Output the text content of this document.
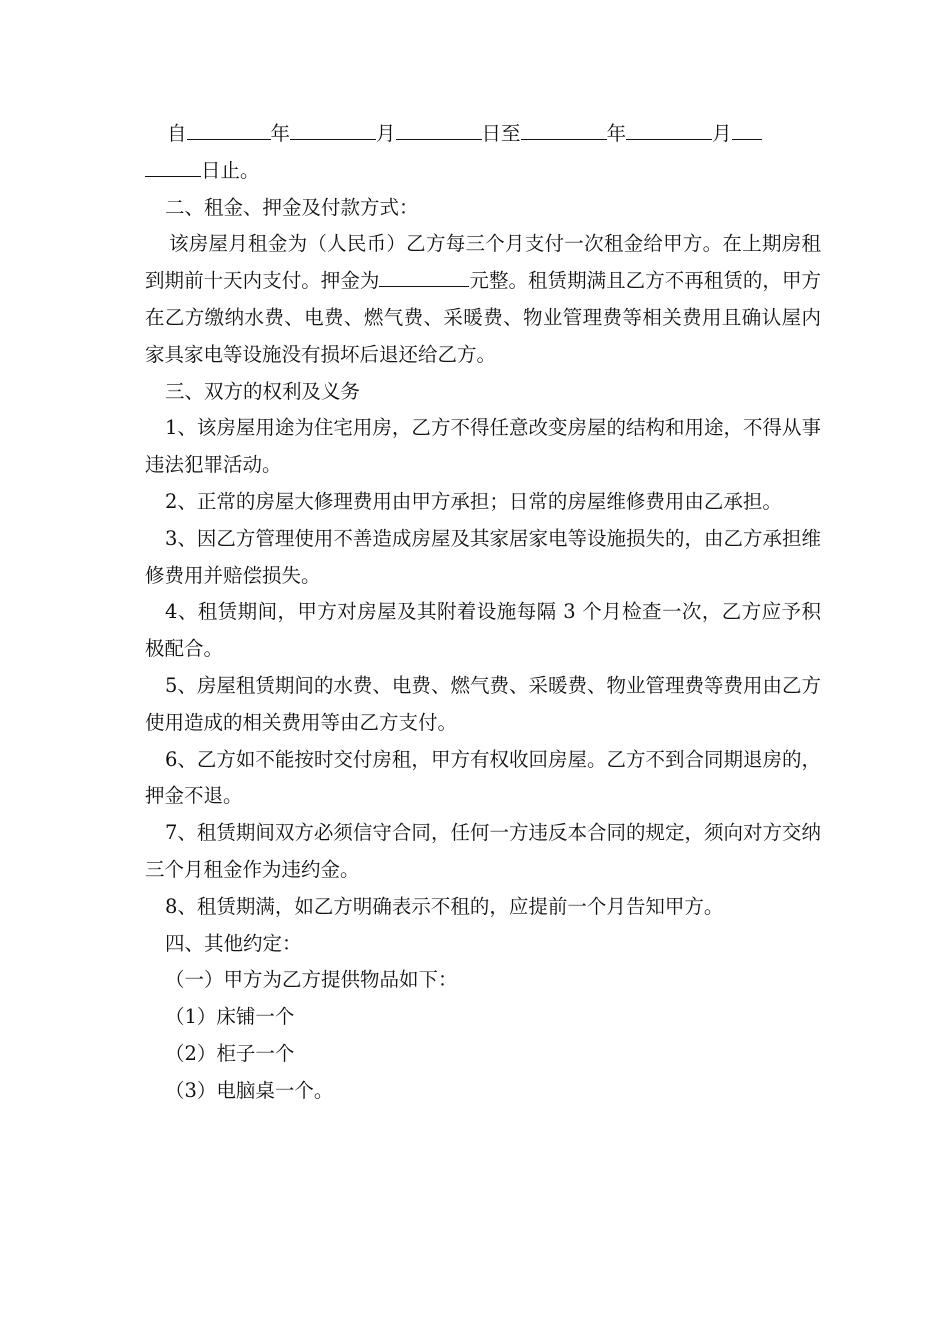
自	年	月	日至	年	月
日止。

二、租金、押金及付款方式：

该房屋月租金为（人民币）乙方每三个月支付一次租金给甲方。在上期房租到期前十天内支付。押金为	元整。租赁期满且乙方不再租赁的，甲方在乙方缴纳水费、电费、燃气费、采暖费、物业管理费等相关费用且确认屋内家具家电等设施没有损坏后退还给乙方。

三、双方的权利及义务

1、该房屋用途为住宅用房，乙方不得任意改变房屋的结构和用途，不得从事违法犯罪活动。

2、正常的房屋大修理费用由甲方承担；日常的房屋维修费用由乙承担。

3、因乙方管理使用不善造成房屋及其家居家电等设施损失的，由乙方承担维修费用并赔偿损失。

4、租赁期间，甲方对房屋及其附着设施每隔 3 个月检查一次，乙方应予积极配合。

5、房屋租赁期间的水费、电费、燃气费、采暖费、物业管理费等费用由乙方使用造成的相关费用等由乙方支付。

6、乙方如不能按时交付房租，甲方有权收回房屋。乙方不到合同期退房的，押金不退。

7、租赁期间双方必须信守合同，任何一方违反本合同的规定，须向对方交纳三个月租金作为违约金。

8、租赁期满，如乙方明确表示不租的，应提前一个月告知甲方。

四、其他约定：

（一）甲方为乙方提供物品如下：

（1）床铺一个

（2）柜子一个

（3）电脑桌一个。
